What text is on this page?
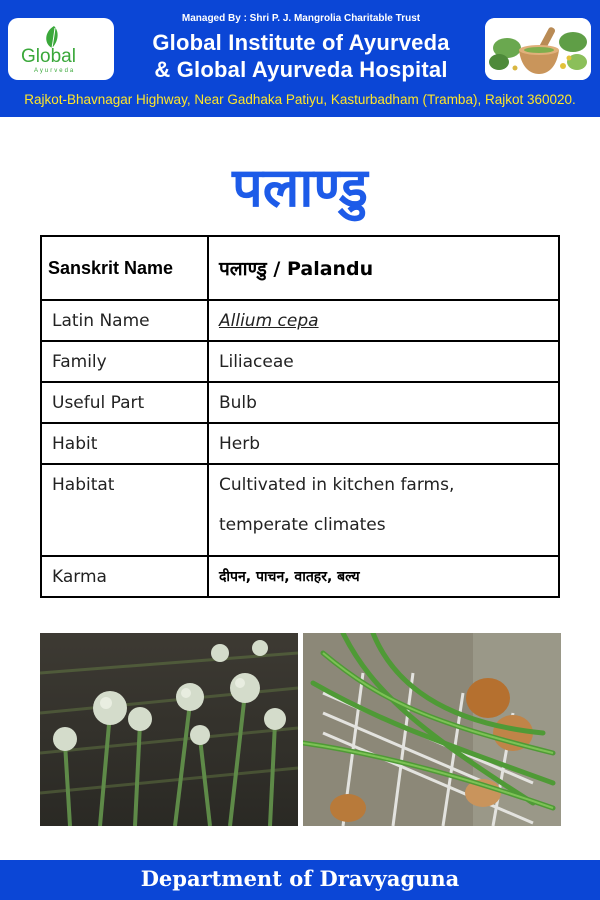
Global
Ayurveda
Managed By : Shri P. J. Mangrolia Charitable Trust
Global Institute of Ayurveda
& Global Ayurveda Hospital
Rajkot-Bhavnagar Highway, Near Gadhaka Patiyu, Kasturbadham (Tramba), Rajkot 360020.
पलाण्डु
Sanskrit Name	पलाण्डु / Palandu
Latin Name	Allium cepa
Family	Liliaceae
Useful Part	Bulb
Habit	Herb
Habitat	Cultivated in kitchen farms, temperate climates
Karma	दीपन, पाचन, वातहर, बल्य
Department of Dravyaguna
